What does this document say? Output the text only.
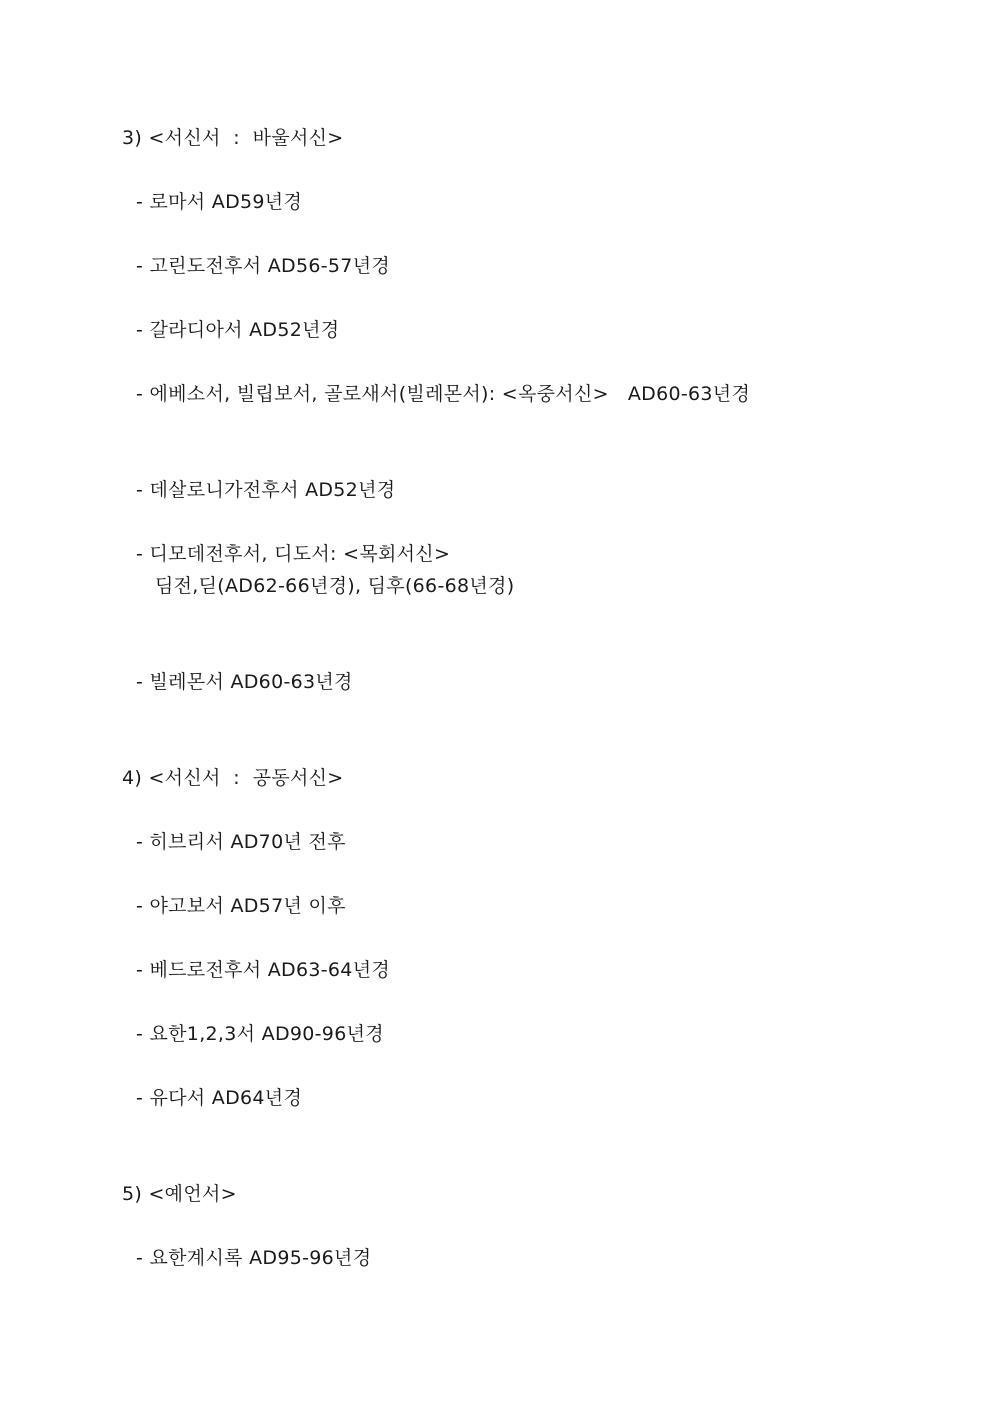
3) <서신서  :  바울서신>
- 로마서 AD59년경
- 고린도전후서 AD56-57년경
- 갈라디아서 AD52년경
- 에베소서, 빌립보서, 골로새서(빌레몬서): <옥중서신>   AD60-63년경
- 데살로니가전후서 AD52년경
- 디모데전후서, 디도서: <목회서신>
딤전,딛(AD62-66년경), 딤후(66-68년경)
- 빌레몬서 AD60-63년경
4) <서신서  :  공동서신>
- 히브리서 AD70년 전후
- 야고보서 AD57년 이후
- 베드로전후서 AD63-64년경
- 요한1,2,3서 AD90-96년경
- 유다서 AD64년경
5) <예언서>
- 요한계시록 AD95-96년경
